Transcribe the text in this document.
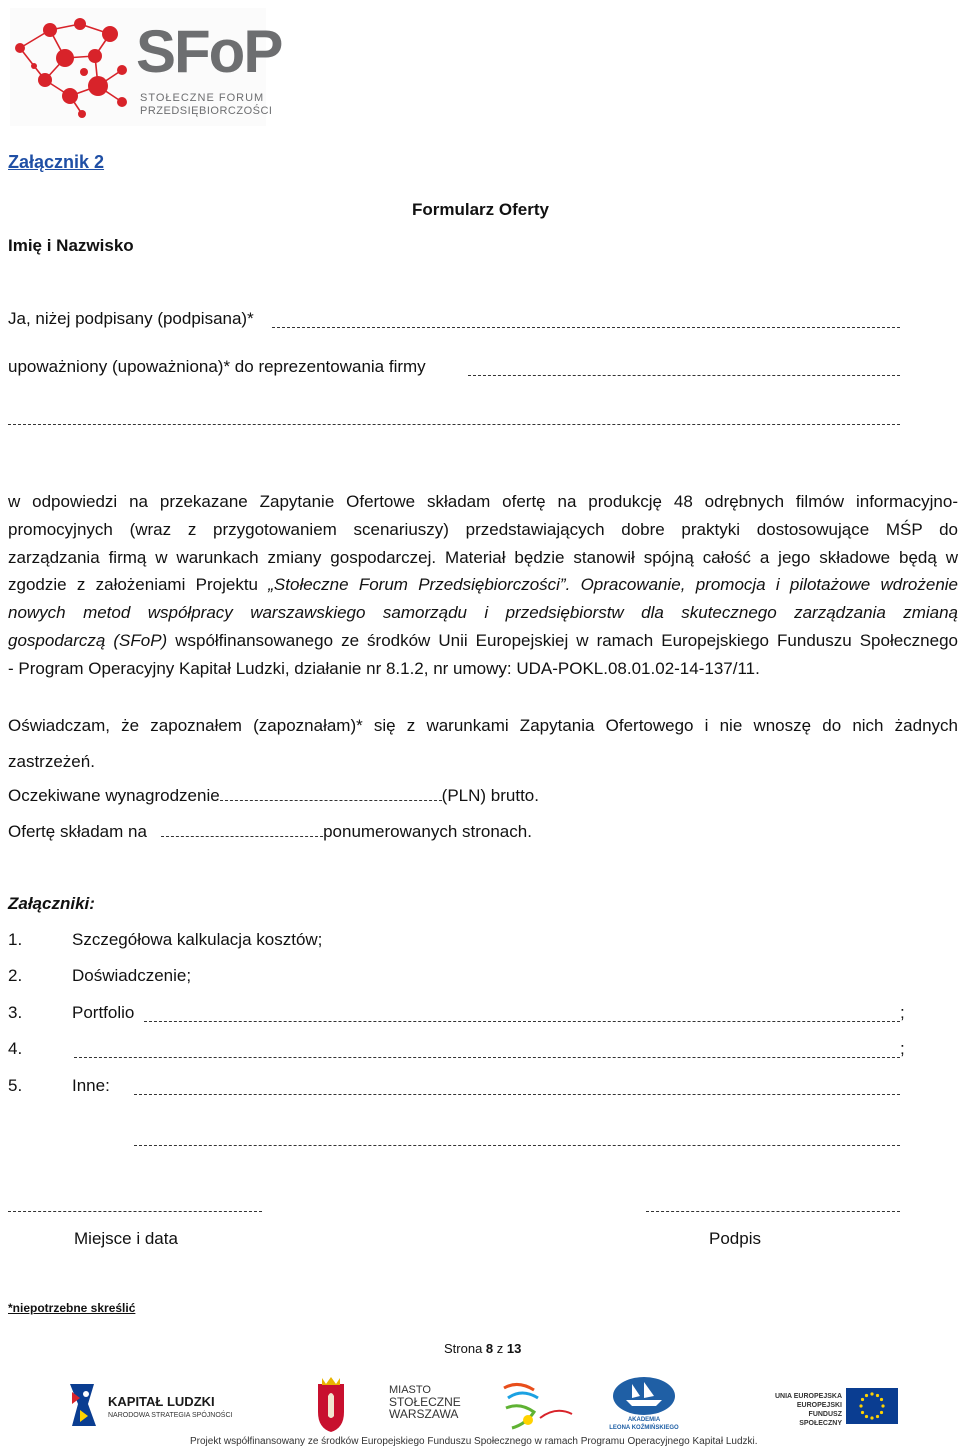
SFoP
STOŁECZNE FORUM
PRZEDSIĘBIORCZOŚCI
Załącznik 2
Formularz Oferty
Imię i Nazwisko
Ja, niżej podpisany (podpisana)*
upoważniony (upoważniona)* do reprezentowania firmy
w odpowiedzi na przekazane Zapytanie Ofertowe składam ofertę na produkcję 48 odrębnych filmów informacyjno-
promocyjnych (wraz z przygotowaniem scenariuszy) przedstawiających dobre praktyki dostosowujące MŚP do
zarządzania firmą w warunkach zmiany gospodarczej. Materiał będzie stanowił spójną całość a jego składowe będą w
zgodzie z założeniami Projektu „Stołeczne Forum Przedsiębiorczości”. Opracowanie, promocja i pilotażowe wdrożenie
nowych metod współpracy warszawskiego samorządu i przedsiębiorstw dla skutecznego zarządzania zmianą
gospodarczą (SFoP) współfinansowanego ze środków Unii Europejskiej w ramach Europejskiego Funduszu Społecznego
- Program Operacyjny Kapitał Ludzki, działanie nr 8.1.2, nr umowy: UDA-POKL.08.01.02-14-137/11.
Oświadczam, że zapoznałem (zapoznałam)* się z warunkami Zapytania Ofertowego i nie wnoszę do nich żadnych
zastrzeżeń.
Oczekiwane wynagrodzenie	(PLN) brutto.
Ofertę składam na	ponumerowanych stronach.
Załączniki:
1.	Szczegółowa kalkulacja kosztów;
2.	Doświadczenie;
3.	Portfolio	;
4.	;
5.	Inne:
Miejsce i data	Podpis
*niepotrzebne skreślić
Strona 8 z 13
KAPITAŁ LUDZKI
NARODOWA STRATEGIA SPÓJNOŚCI
MIASTO
STOŁECZNE
WARSZAWA	AKADEMIA
LEONA KOŹMIŃSKIEGO
UNIA EUROPEJSKA
EUROPEJSKI
FUNDUSZ SPOŁECZNY
Projekt współfinansowany ze środków Europejskiego Funduszu Społecznego w ramach Programu Operacyjnego Kapitał Ludzki.
